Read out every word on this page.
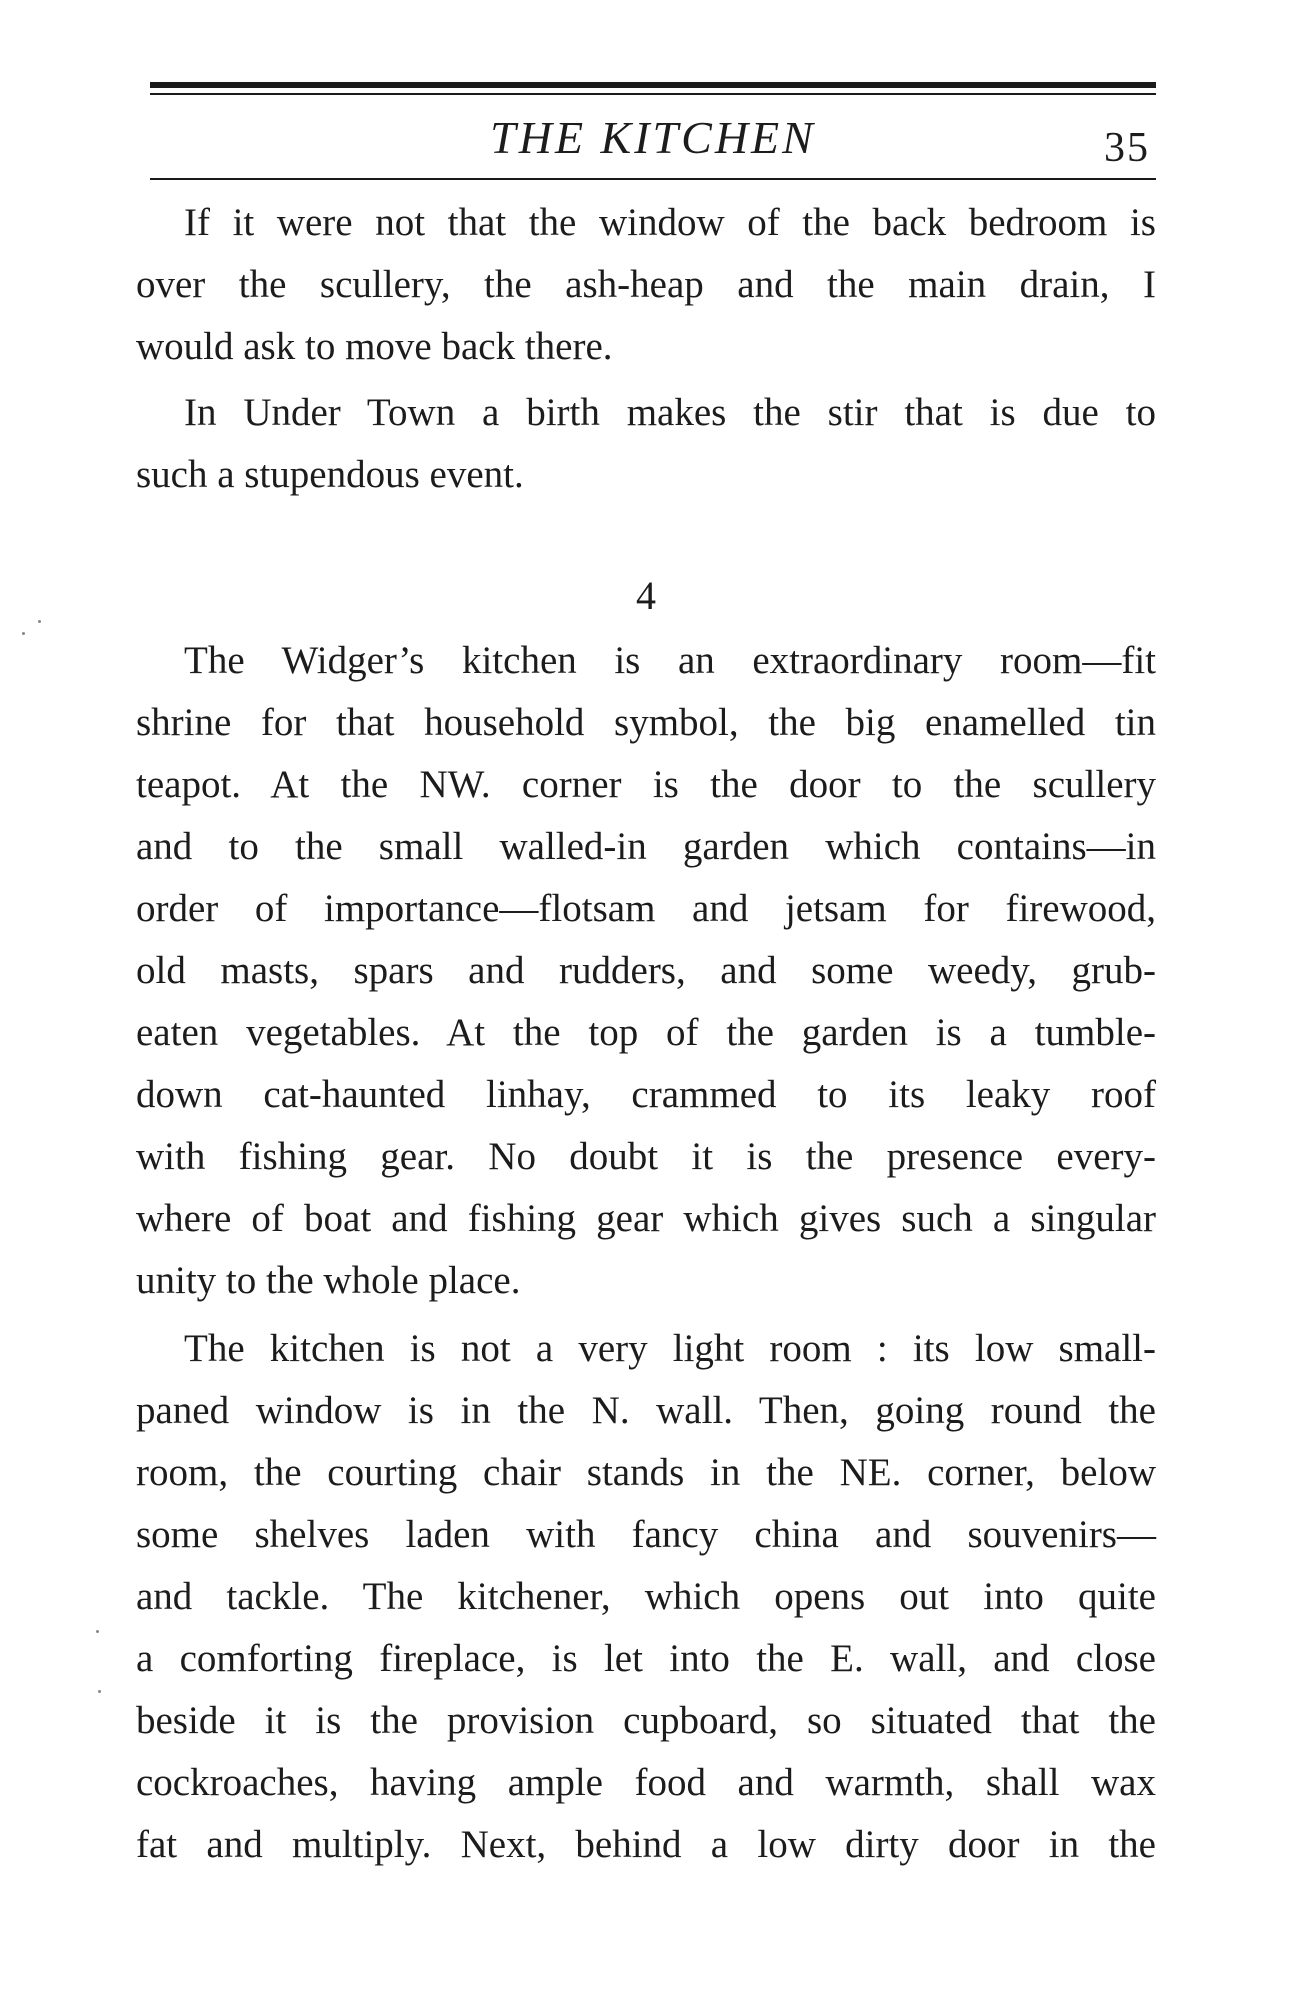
THE KITCHEN	35
If it were not that the window of the back bedroom is
over the scullery, the ash-heap and the main drain, I
would ask to move back there.
In Under Town a birth makes the stir that is due to
such a stupendous event.
4
The Widger’s kitchen is an extraordinary room—fit
shrine for that household symbol, the big enamelled tin
teapot. At the NW. corner is the door to the scullery
and to the small walled-in garden which contains—in
order of importance—flotsam and jetsam for firewood,
old masts, spars and rudders, and some weedy, grub-
eaten vegetables. At the top of the garden is a tumble-
down cat-haunted linhay, crammed to its leaky roof
with fishing gear. No doubt it is the presence every-
where of boat and fishing gear which gives such a singular
unity to the whole place.
The kitchen is not a very light room : its low small-
paned window is in the N. wall. Then, going round the
room, the courting chair stands in the NE. corner, below
some shelves laden with fancy china and souvenirs—
and tackle. The kitchener, which opens out into quite
a comforting fireplace, is let into the E. wall, and close
beside it is the provision cupboard, so situated that the
cockroaches, having ample food and warmth, shall wax
fat and multiply. Next, behind a low dirty door in the
